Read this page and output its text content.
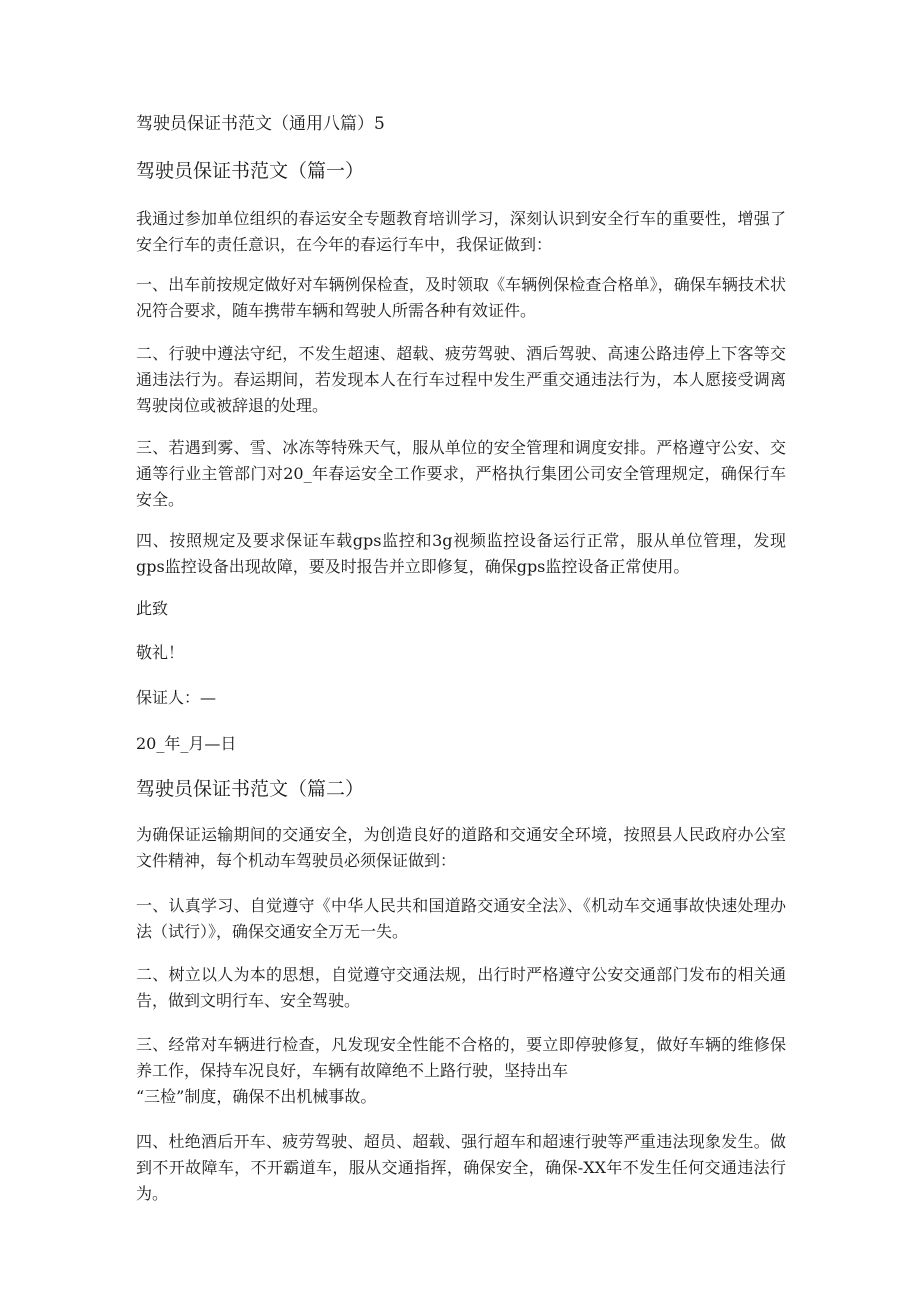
驾驶员保证书范文（通用八篇）5
驾驶员保证书范文（篇一）
我通过参加单位组织的春运安全专题教育培训学习，深刻认识到安全行车的重要性，增强了安全行车的责任意识，在今年的春运行车中，我保证做到：
一、出车前按规定做好对车辆例保检查，及时领取《车辆例保检查合格单》，确保车辆技术状况符合要求，随车携带车辆和驾驶人所需各种有效证件。
二、行驶中遵法守纪，不发生超速、超载、疲劳驾驶、酒后驾驶、高速公路违停上下客等交通违法行为。春运期间，若发现本人在行车过程中发生严重交通违法行为，本人愿接受调离驾驶岗位或被辞退的处理。
三、若遇到雾、雪、冰冻等特殊天气，服从单位的安全管理和调度安排。严格遵守公安、交通等行业主管部门对20_年春运安全工作要求，严格执行集团公司安全管理规定，确保行车安全。
四、按照规定及要求保证车载gps监控和3g视频监控设备运行正常，服从单位管理，发现gps监控设备出现故障，要及时报告并立即修复，确保gps监控设备正常使用。
此致
敬礼！
保证人：—
20_年_月—日
驾驶员保证书范文（篇二）
为确保证运输期间的交通安全，为创造良好的道路和交通安全环境，按照县人民政府办公室文件精神，每个机动车驾驶员必须保证做到：
一、认真学习、自觉遵守《中华人民共和国道路交通安全法》、《机动车交通事故快速处理办法（试行）》，确保交通安全万无一失。
二、树立以人为本的思想，自觉遵守交通法规，出行时严格遵守公安交通部门发布的相关通告，做到文明行车、安全驾驶。
三、经常对车辆进行检查，凡发现安全性能不合格的，要立即停驶修复，做好车辆的维修保养工作，保持车况良好，车辆有故障绝不上路行驶，坚持出车
“三检”制度，确保不出机械事故。
四、杜绝酒后开车、疲劳驾驶、超员、超载、强行超车和超速行驶等严重违法现象发生。做到不开故障车，不开霸道车，服从交通指挥，确保安全，确保-XX年不发生任何交通违法行为。
